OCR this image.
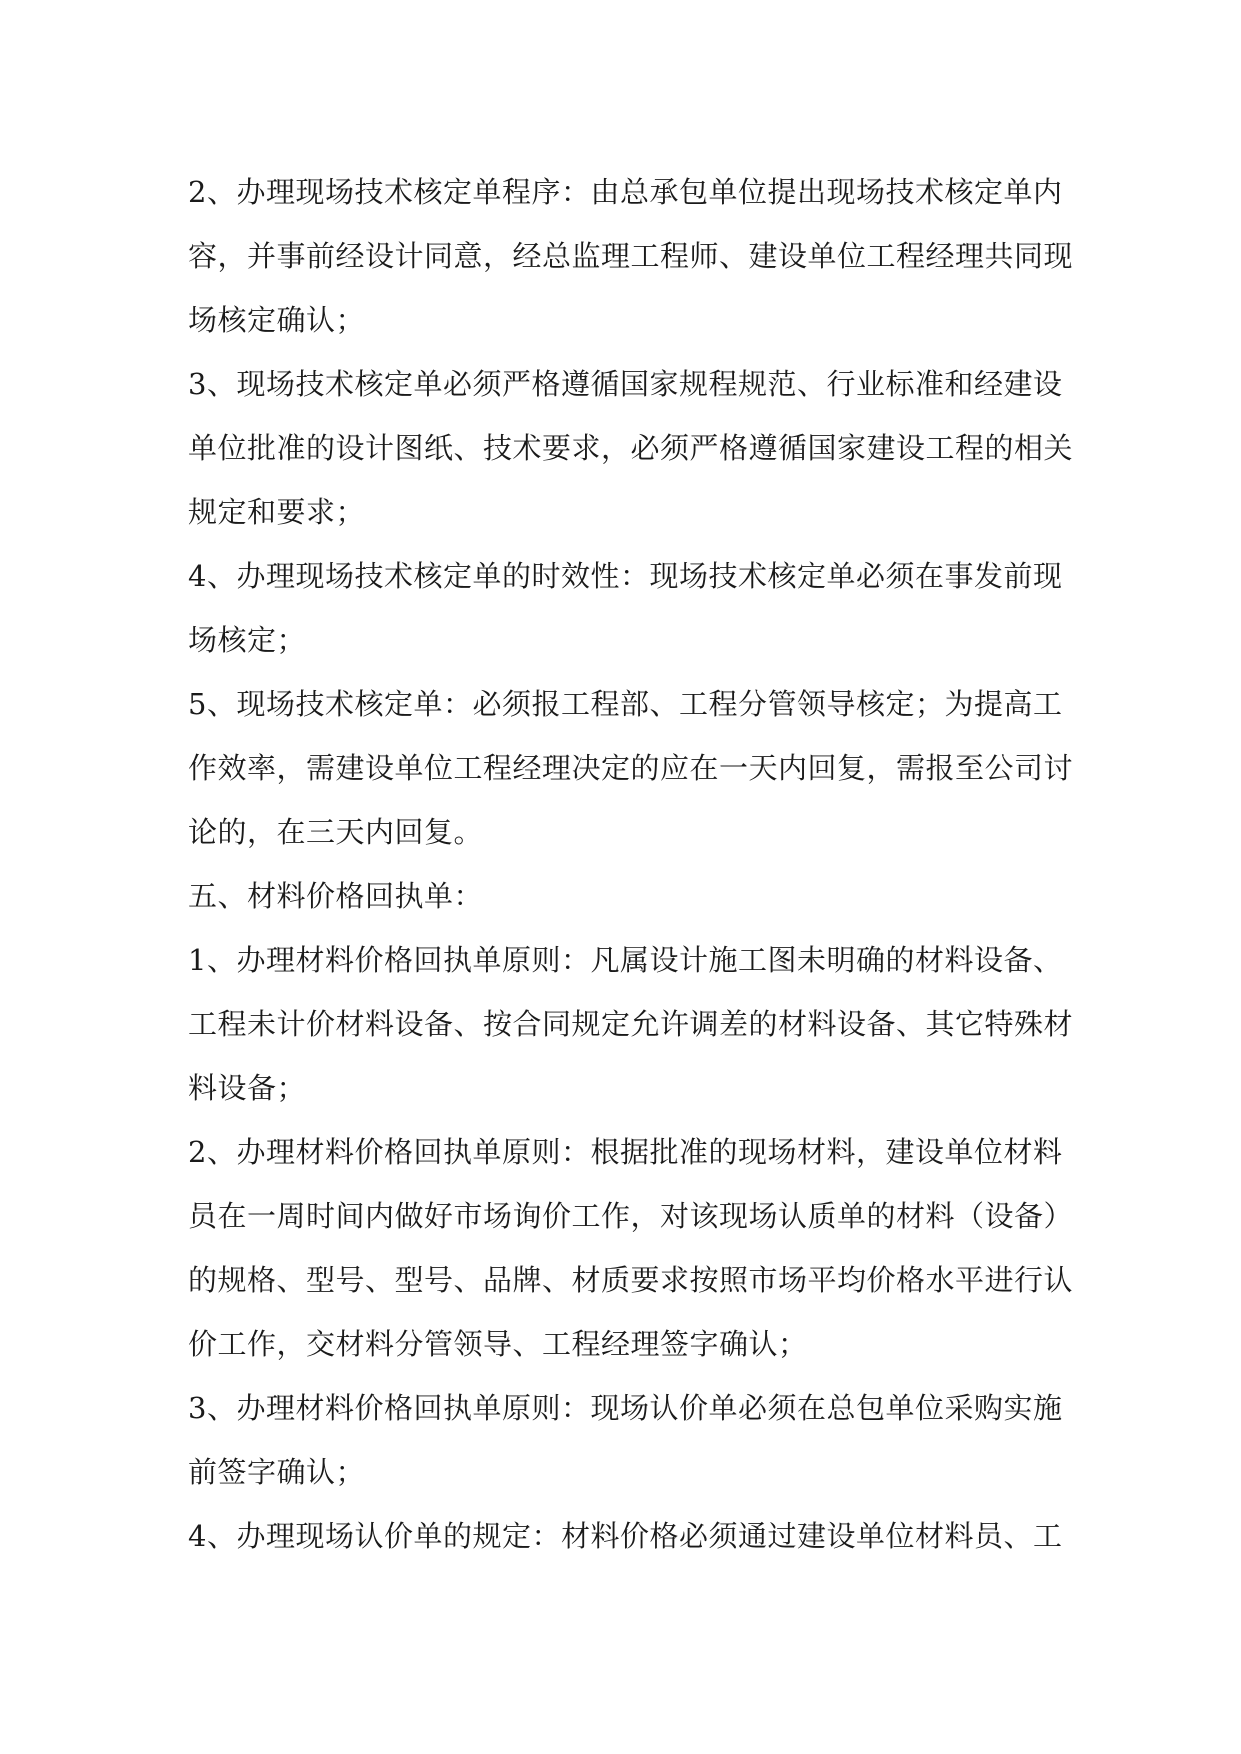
2、办理现场技术核定单程序：由总承包单位提出现场技术核定单内
容，并事前经设计同意，经总监理工程师、建设单位工程经理共同现
场核定确认；
3、现场技术核定单必须严格遵循国家规程规范、行业标准和经建设
单位批准的设计图纸、技术要求，必须严格遵循国家建设工程的相关
规定和要求；
4、办理现场技术核定单的时效性：现场技术核定单必须在事发前现
场核定；
5、现场技术核定单：必须报工程部、工程分管领导核定；为提高工
作效率，需建设单位工程经理决定的应在一天内回复，需报至公司讨
论的，在三天内回复。
五、材料价格回执单：
1、办理材料价格回执单原则：凡属设计施工图未明确的材料设备、
工程未计价材料设备、按合同规定允许调差的材料设备、其它特殊材
料设备；
2、办理材料价格回执单原则：根据批准的现场材料，建设单位材料
员在一周时间内做好市场询价工作，对该现场认质单的材料（设备）
的规格、型号、型号、品牌、材质要求按照市场平均价格水平进行认
价工作，交材料分管领导、工程经理签字确认；
3、办理材料价格回执单原则：现场认价单必须在总包单位采购实施
前签字确认；
4、办理现场认价单的规定：材料价格必须通过建设单位材料员、工
